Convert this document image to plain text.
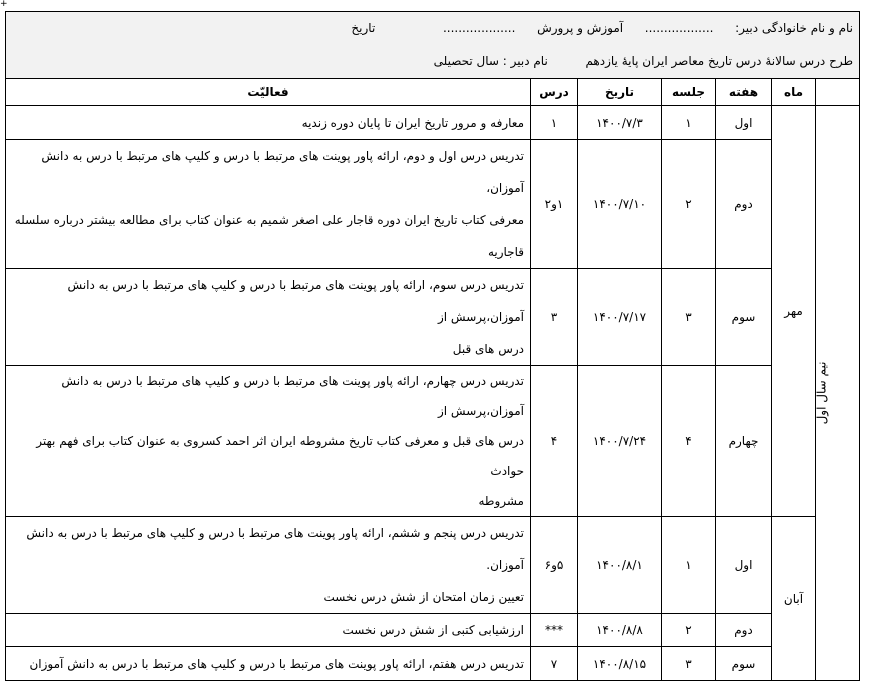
+
نام و نام خانوادگی دبیر:  ..................  آموزش و پرورش  ...................  تاریخ
طرح درس سالانهٔ درس تاریخ معاصر ایران پایهٔ یازدهم  نام دبیر : سال تحصیلی						

	ماه	هفته	جلسه	تاریخ	درس	فعالیّت
نیم سال اول	مهر	اول	۱	۱۴۰۰/۷/۳	۱	معارفه و مرور تاریخ ایران تا پایان دوره زندیه

		دوم	۲	۱۴۰۰/۷/۱۰	۱و۲	تدریس درس اول و دوم، ارائه پاور پوینت های مرتبط با درس و کلیپ های مرتبط با درس به دانش آموزان،
معرفی کتاب تاریخ ایران دوره قاجار علی اصغر شمیم به عنوان کتاب برای مطالعه بیشتر درباره سلسله قاجاریه

		سوم	۳	۱۴۰۰/۷/۱۷	۳	تدریس درس سوم، ارائه پاور پوینت های مرتبط با درس و کلیپ های مرتبط با درس به دانش آموزان،پرسش از
درس های قبل

		چهارم	۴	۱۴۰۰/۷/۲۴	۴	تدریس درس چهارم، ارائه پاور پوینت های مرتبط با درس و کلیپ های مرتبط با درس به دانش آموزان،پرسش از
درس های قبل و معرفی کتاب تاریخ مشروطه ایران اثر احمد کسروی به عنوان کتاب برای فهم بهتر حوادث
مشروطه

	آبان	اول	۱	۱۴۰۰/۸/۱	۵و۶	تدریس درس پنجم و ششم، ارائه پاور پوینت های مرتبط با درس و کلیپ های مرتبط با درس به دانش آموزان.
تعیین زمان امتحان از شش درس نخست

		دوم	۲	۱۴۰۰/۸/۸	***	ارزشیابی کتبی از شش درس نخست

		سوم	۳	۱۴۰۰/۸/۱۵	۷	تدریس درس هفتم، ارائه پاور پوینت های مرتبط با درس و کلیپ های مرتبط با درس به دانش آموزان
